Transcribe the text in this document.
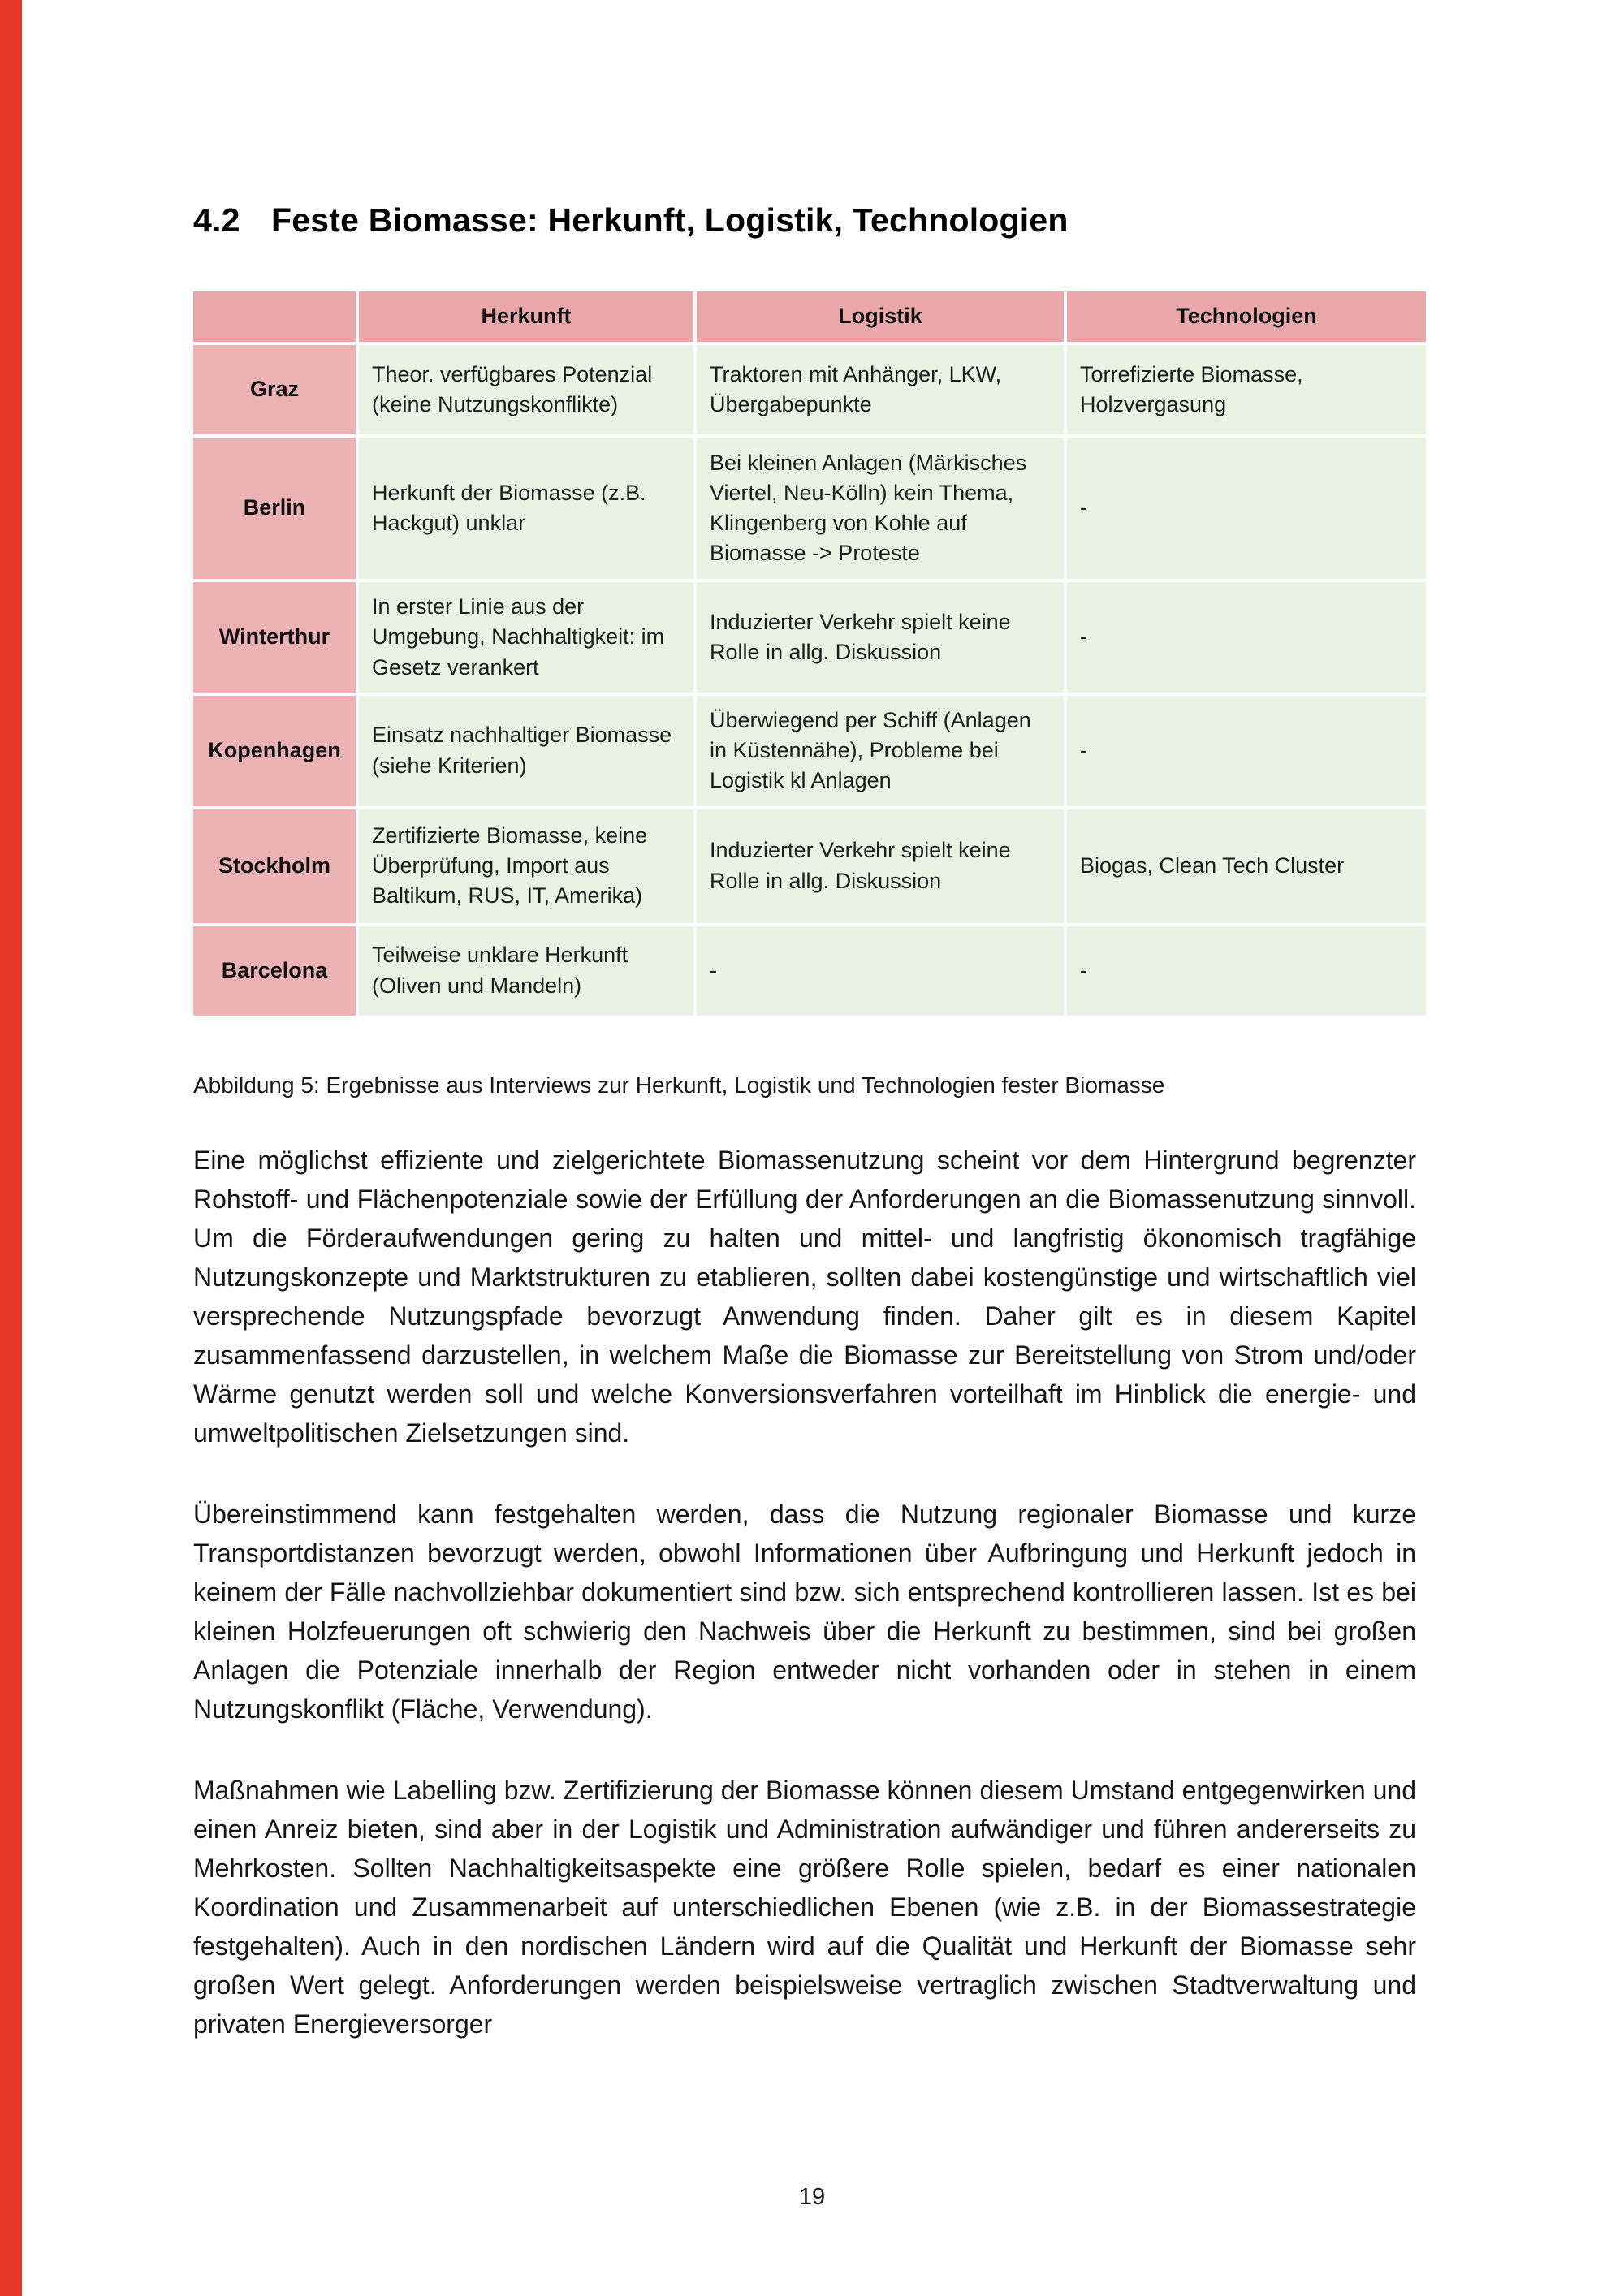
4.2 Feste Biomasse: Herkunft, Logistik, Technologien
	Herkunft	Logistik	Technologien
Graz	Theor. verfügbares Potenzial (keine Nutzungskonflikte)	Traktoren mit Anhänger, LKW, Übergabepunkte	Torrefizierte Biomasse, Holzvergasung
Berlin	Herkunft der Biomasse (z.B. Hackgut) unklar	Bei kleinen Anlagen (Märkisches Viertel, Neu-Kölln) kein Thema, Klingenberg von Kohle auf Biomasse -> Proteste	-
Winterthur	In erster Linie aus der Umgebung, Nachhaltigkeit: im Gesetz verankert	Induzierter Verkehr spielt keine Rolle in allg. Diskussion	-
Kopenhagen	Einsatz nachhaltiger Biomasse (siehe Kriterien)	Überwiegend per Schiff (Anlagen in Küstennähe), Probleme bei Logistik kl Anlagen	-
Stockholm	Zertifizierte Biomasse, keine Überprüfung, Import aus Baltikum, RUS, IT, Amerika)	Induzierter Verkehr spielt keine Rolle in allg. Diskussion	Biogas, Clean Tech Cluster
Barcelona	Teilweise unklare Herkunft (Oliven und Mandeln)	-	-

Abbildung 5: Ergebnisse aus Interviews zur Herkunft, Logistik und Technologien fester Biomasse

Eine möglichst effiziente und zielgerichtete Biomassenutzung scheint vor dem Hintergrund begrenzter Rohstoff- und Flächenpotenziale sowie der Erfüllung der Anforderungen an die Biomassenutzung sinnvoll. Um die Förderaufwendungen gering zu halten und mittel- und langfristig ökonomisch tragfähige Nutzungskonzepte und Marktstrukturen zu etablieren, sollten dabei kostengünstige und wirtschaftlich viel versprechende Nutzungspfade bevorzugt Anwendung finden. Daher gilt es in diesem Kapitel zusammenfassend darzustellen, in welchem Maße die Biomasse zur Bereitstellung von Strom und/oder Wärme genutzt werden soll und welche Konversionsverfahren vorteilhaft im Hinblick die energie- und umweltpolitischen Zielsetzungen sind.

Übereinstimmend kann festgehalten werden, dass die Nutzung regionaler Biomasse und kurze Transportdistanzen bevorzugt werden, obwohl Informationen über Aufbringung und Herkunft jedoch in keinem der Fälle nachvollziehbar dokumentiert sind bzw. sich entsprechend kontrollieren lassen. Ist es bei kleinen Holzfeuerungen oft schwierig den Nachweis über die Herkunft zu bestimmen, sind bei großen Anlagen die Potenziale innerhalb der Region entweder nicht vorhanden oder in stehen in einem Nutzungskonflikt (Fläche, Verwendung).

Maßnahmen wie Labelling bzw. Zertifizierung der Biomasse können diesem Umstand entgegenwirken und einen Anreiz bieten, sind aber in der Logistik und Administration aufwändiger und führen andererseits zu Mehrkosten. Sollten Nachhaltigkeitsaspekte eine größere Rolle spielen, bedarf es einer nationalen Koordination und Zusammenarbeit auf unterschiedlichen Ebenen (wie z.B. in der Biomassestrategie festgehalten). Auch in den nordischen Ländern wird auf die Qualität und Herkunft der Biomasse sehr großen Wert gelegt. Anforderungen werden beispielsweise vertraglich zwischen Stadtverwaltung und privaten Energieversorger

19
